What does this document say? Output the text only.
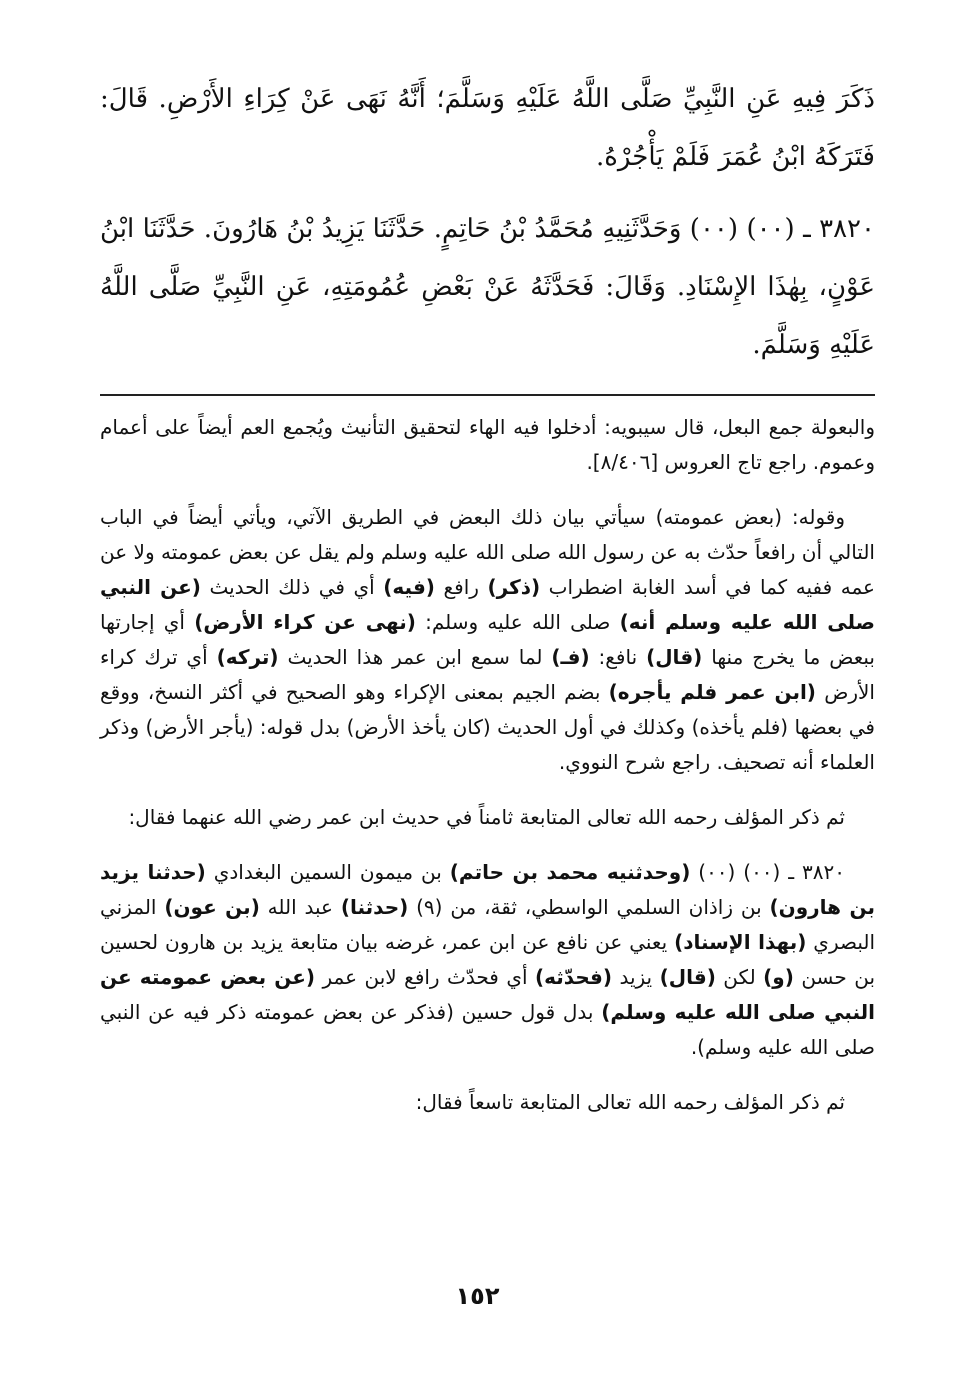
ذَكَرَ فِيهِ عَنِ النَّبِيِّ صَلَّى اللَّهُ عَلَيْهِ وَسَلَّمَ؛ أَنَّهُ نَهَى عَنْ كِرَاءِ الأَرْضِ. قَالَ: فَتَرَكَهُ ابْنُ عُمَرَ فَلَمْ يَأْجُرْهُ.

٣٨٢٠ ـ (٠٠) (٠٠) وَحَدَّثَنِيهِ مُحَمَّدُ بْنُ حَاتِمٍ. حَدَّثَنَا يَزِيدُ بْنُ هَارُونَ. حَدَّثَنَا ابْنُ عَوْنٍ، بِهٰذَا الإِسْنَادِ. وَقَالَ: فَحَدَّثَهُ عَنْ بَعْضِ عُمُومَتِهِ، عَنِ النَّبِيِّ صَلَّى اللَّهُ عَلَيْهِ وَسَلَّمَ.

والبعولة جمع البعل، قال سيبويه: أدخلوا فيه الهاء لتحقيق التأنيث ويُجمع العم أيضاً على أعمام وعموم. راجع تاج العروس [٨/٤٠٦].

وقوله: (بعض عمومته) سيأتي بيان ذلك البعض في الطريق الآتي، ويأتي أيضاً في الباب التالي أن رافعاً حدّث به عن رسول الله صلى الله عليه وسلم ولم يقل عن بعض عمومته ولا عن عمه ففيه كما في أسد الغابة اضطراب (ذكر) رافع (فيه) أي في ذلك الحديث (عن النبي صلى الله عليه وسلم أنه) صلى الله عليه وسلم: (نهى عن كراء الأرض) أي إجارتها ببعض ما يخرج منها (قال) نافع: (فـ) لما سمع ابن عمر هذا الحديث (تركه) أي ترك كراء الأرض (ابن عمر فلم يأجره) بضم الجيم بمعنى الإكراء وهو الصحيح في أكثر النسخ، ووقع في بعضها (فلم يأخذه) وكذلك في أول الحديث (كان يأخذ الأرض) بدل قوله: (يأجر الأرض) وذكر العلماء أنه تصحيف. راجع شرح النووي.

ثم ذكر المؤلف رحمه الله تعالى المتابعة ثامناً في حديث ابن عمر رضي الله عنهما فقال:

٣٨٢٠ ـ (٠٠) (٠٠) (وحدثنيه محمد بن حاتم) بن ميمون السمين البغدادي (حدثنا يزيد بن هارون) بن زاذان السلمي الواسطي، ثقة، من (٩) (حدثنا) عبد الله (بن عون) المزني البصري (بهذا الإسناد) يعني عن نافع عن ابن عمر، غرضه بيان متابعة يزيد بن هارون لحسين بن حسن (و) لكن (قال) يزيد (فحدّثه) أي فحدّث رافع لابن عمر (عن بعض عمومته عن النبي صلى الله عليه وسلم) بدل قول حسين (فذكر عن بعض عمومته ذكر فيه عن النبي صلى الله عليه وسلم).

ثم ذكر المؤلف رحمه الله تعالى المتابعة تاسعاً فقال:

١٥٢
